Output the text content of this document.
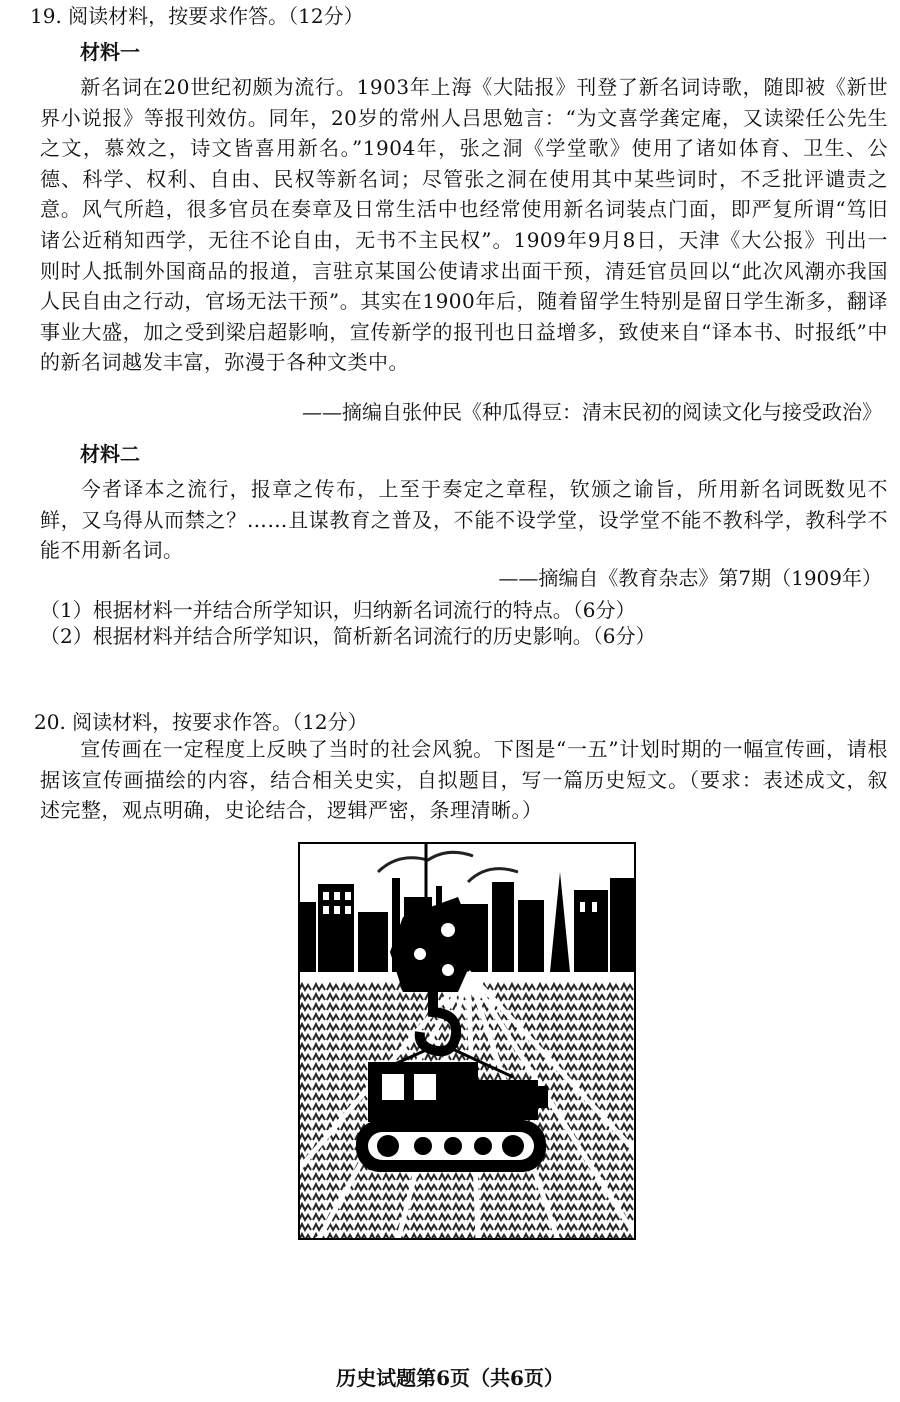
19. 阅读材料，按要求作答。（12分）
材料一
新名词在20世纪初颇为流行。1903年上海《大陆报》刊登了新名词诗歌，随即被《新世界小说报》等报刊效仿。同年，20岁的常州人吕思勉言：“为文喜学龚定庵，又读梁任公先生之文，慕效之，诗文皆喜用新名。”1904年，张之洞《学堂歌》使用了诸如体育、卫生、公德、科学、权利、自由、民权等新名词；尽管张之洞在使用其中某些词时，不乏批评谴责之意。风气所趋，很多官员在奏章及日常生活中也经常使用新名词装点门面，即严复所谓“笃旧诸公近稍知西学，无往不论自由，无书不主民权”。1909年9月8日，天津《大公报》刊出一则时人抵制外国商品的报道，言驻京某国公使请求出面干预，清廷官员回以“此次风潮亦我国人民自由之行动，官场无法干预”。其实在1900年后，随着留学生特别是留日学生渐多，翻译事业大盛，加之受到梁启超影响，宣传新学的报刊也日益增多，致使来自“译本书、时报纸”中的新名词越发丰富，弥漫于各种文类中。
——摘编自张仲民《种瓜得豆：清末民初的阅读文化与接受政治》
材料二
今者译本之流行，报章之传布，上至于奏定之章程，钦颁之谕旨，所用新名词既数见不鲜，又乌得从而禁之？……且谋教育之普及，不能不设学堂，设学堂不能不教科学，教科学不能不用新名词。
——摘编自《教育杂志》第7期（1909年）
（1）根据材料一并结合所学知识，归纳新名词流行的特点。（6分）
（2）根据材料并结合所学知识，简析新名词流行的历史影响。（6分）
20. 阅读材料，按要求作答。（12分）
宣传画在一定程度上反映了当时的社会风貌。下图是“一五”计划时期的一幅宣传画，请根据该宣传画描绘的内容，结合相关史实，自拟题目，写一篇历史短文。（要求：表述成文，叙述完整，观点明确，史论结合，逻辑严密，条理清晰。）
历史试题第6页（共6页）
